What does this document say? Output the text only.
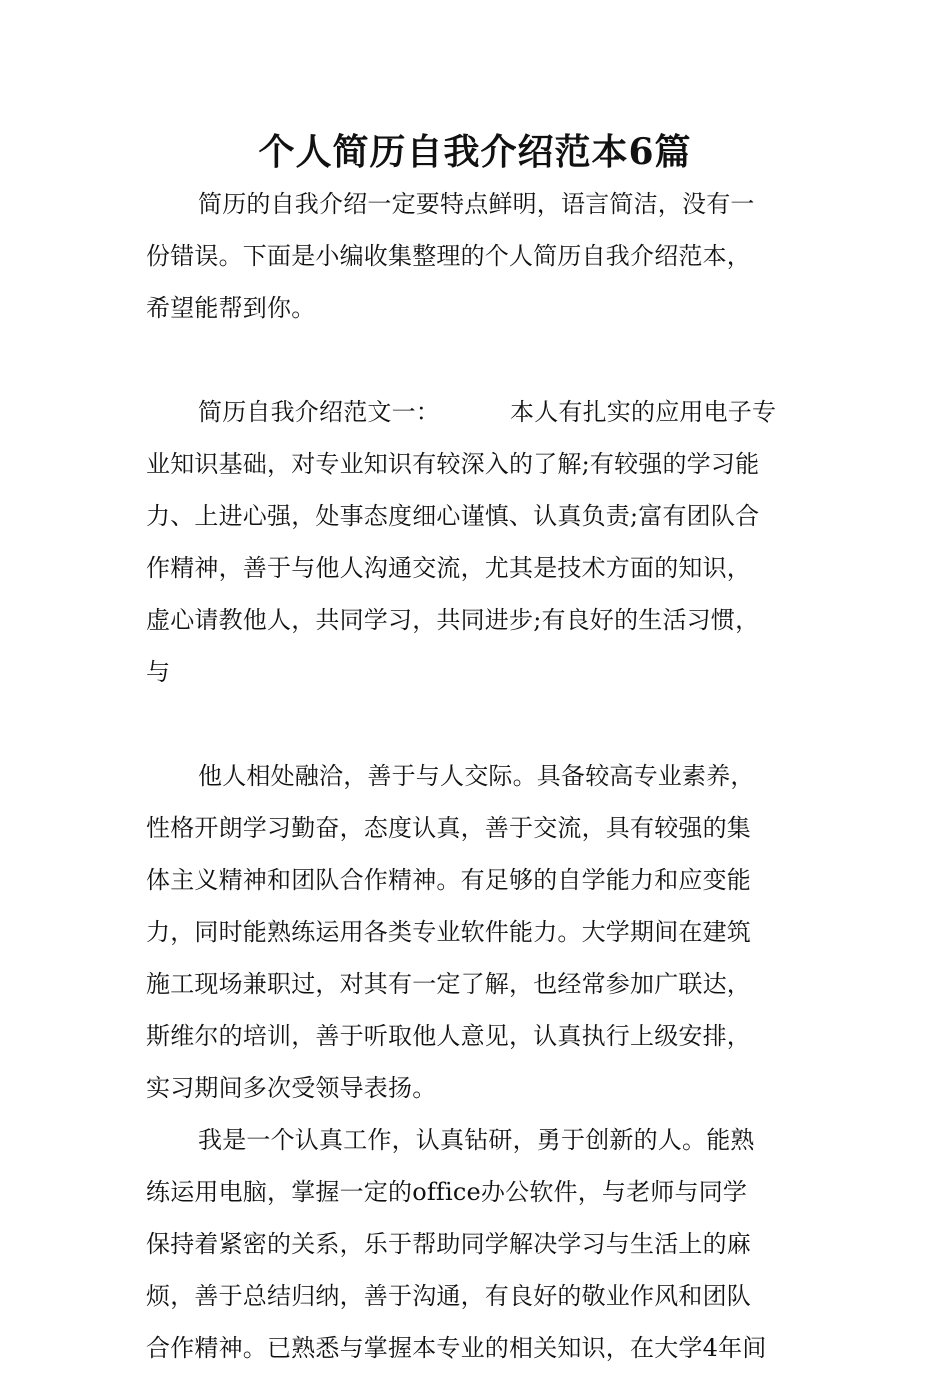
个人简历自我介绍范本6篇
简历的自我介绍一定要特点鲜明，语言简洁，没有一
份错误。下面是小编收集整理的个人简历自我介绍范本，
希望能帮到你。
简历自我介绍范文一：	本人有扎实的应用电子专
业知识基础，对专业知识有较深入的了解;有较强的学习能
力、上进心强，处事态度细心谨慎、认真负责;富有团队合
作精神，善于与他人沟通交流，尤其是技术方面的知识，
虚心请教他人，共同学习，共同进步;有良好的生活习惯，
与
他人相处融洽，善于与人交际。具备较高专业素养，
性格开朗学习勤奋，态度认真，善于交流，具有较强的集
体主义精神和团队合作精神。有足够的自学能力和应变能
力，同时能熟练运用各类专业软件能力。大学期间在建筑
施工现场兼职过，对其有一定了解，也经常参加广联达，
斯维尔的培训，善于听取他人意见，认真执行上级安排，
实习期间多次受领导表扬。
我是一个认真工作，认真钻研，勇于创新的人。能熟
练运用电脑，掌握一定的office办公软件，与老师与同学
保持着紧密的关系，乐于帮助同学解决学习与生活上的麻
烦，善于总结归纳，善于沟通，有良好的敬业作风和团队
合作精神。已熟悉与掌握本专业的相关知识，在大学4年间
